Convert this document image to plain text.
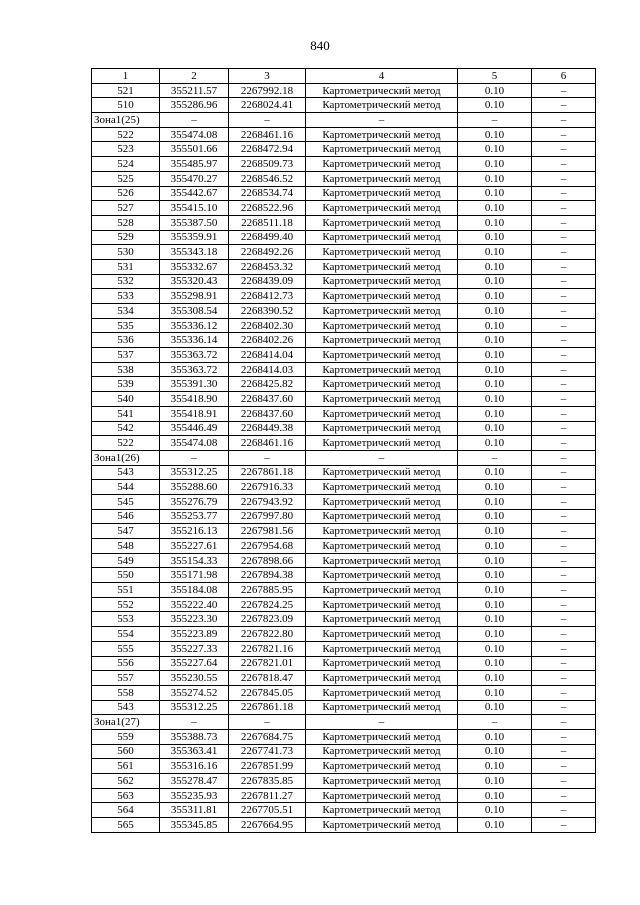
840
1	2	3	4	5	6
521	355211.57	2267992.18	Картометрический метод	0.10	–
510	355286.96	2268024.41	Картометрический метод	0.10	–
Зона1(25)	–	–	–	–	–
522	355474.08	2268461.16	Картометрический метод	0.10	–
523	355501.66	2268472.94	Картометрический метод	0.10	–
524	355485.97	2268509.73	Картометрический метод	0.10	–
525	355470.27	2268546.52	Картометрический метод	0.10	–
526	355442.67	2268534.74	Картометрический метод	0.10	–
527	355415.10	2268522.96	Картометрический метод	0.10	–
528	355387.50	2268511.18	Картометрический метод	0.10	–
529	355359.91	2268499.40	Картометрический метод	0.10	–
530	355343.18	2268492.26	Картометрический метод	0.10	–
531	355332.67	2268453.32	Картометрический метод	0.10	–
532	355320.43	2268439.09	Картометрический метод	0.10	–
533	355298.91	2268412.73	Картометрический метод	0.10	–
534	355308.54	2268390.52	Картометрический метод	0.10	–
535	355336.12	2268402.30	Картометрический метод	0.10	–
536	355336.14	2268402.26	Картометрический метод	0.10	–
537	355363.72	2268414.04	Картометрический метод	0.10	–
538	355363.72	2268414.03	Картометрический метод	0.10	–
539	355391.30	2268425.82	Картометрический метод	0.10	–
540	355418.90	2268437.60	Картометрический метод	0.10	–
541	355418.91	2268437.60	Картометрический метод	0.10	–
542	355446.49	2268449.38	Картометрический метод	0.10	–
522	355474.08	2268461.16	Картометрический метод	0.10	–
Зона1(26)	–	–	–	–	–
543	355312.25	2267861.18	Картометрический метод	0.10	–
544	355288.60	2267916.33	Картометрический метод	0.10	–
545	355276.79	2267943.92	Картометрический метод	0.10	–
546	355253.77	2267997.80	Картометрический метод	0.10	–
547	355216.13	2267981.56	Картометрический метод	0.10	–
548	355227.61	2267954.68	Картометрический метод	0.10	–
549	355154.33	2267898.66	Картометрический метод	0.10	–
550	355171.98	2267894.38	Картометрический метод	0.10	–
551	355184.08	2267885.95	Картометрический метод	0.10	–
552	355222.40	2267824.25	Картометрический метод	0.10	–
553	355223.30	2267823.09	Картометрический метод	0.10	–
554	355223.89	2267822.80	Картометрический метод	0.10	–
555	355227.33	2267821.16	Картометрический метод	0.10	–
556	355227.64	2267821.01	Картометрический метод	0.10	–
557	355230.55	2267818.47	Картометрический метод	0.10	–
558	355274.52	2267845.05	Картометрический метод	0.10	–
543	355312.25	2267861.18	Картометрический метод	0.10	–
Зона1(27)	–	–	–	–	–
559	355388.73	2267684.75	Картометрический метод	0.10	–
560	355363.41	2267741.73	Картометрический метод	0.10	–
561	355316.16	2267851.99	Картометрический метод	0.10	–
562	355278.47	2267835.85	Картометрический метод	0.10	–
563	355235.93	2267811.27	Картометрический метод	0.10	–
564	355311.81	2267705.51	Картометрический метод	0.10	–
565	355345.85	2267664.95	Картометрический метод	0.10	–
